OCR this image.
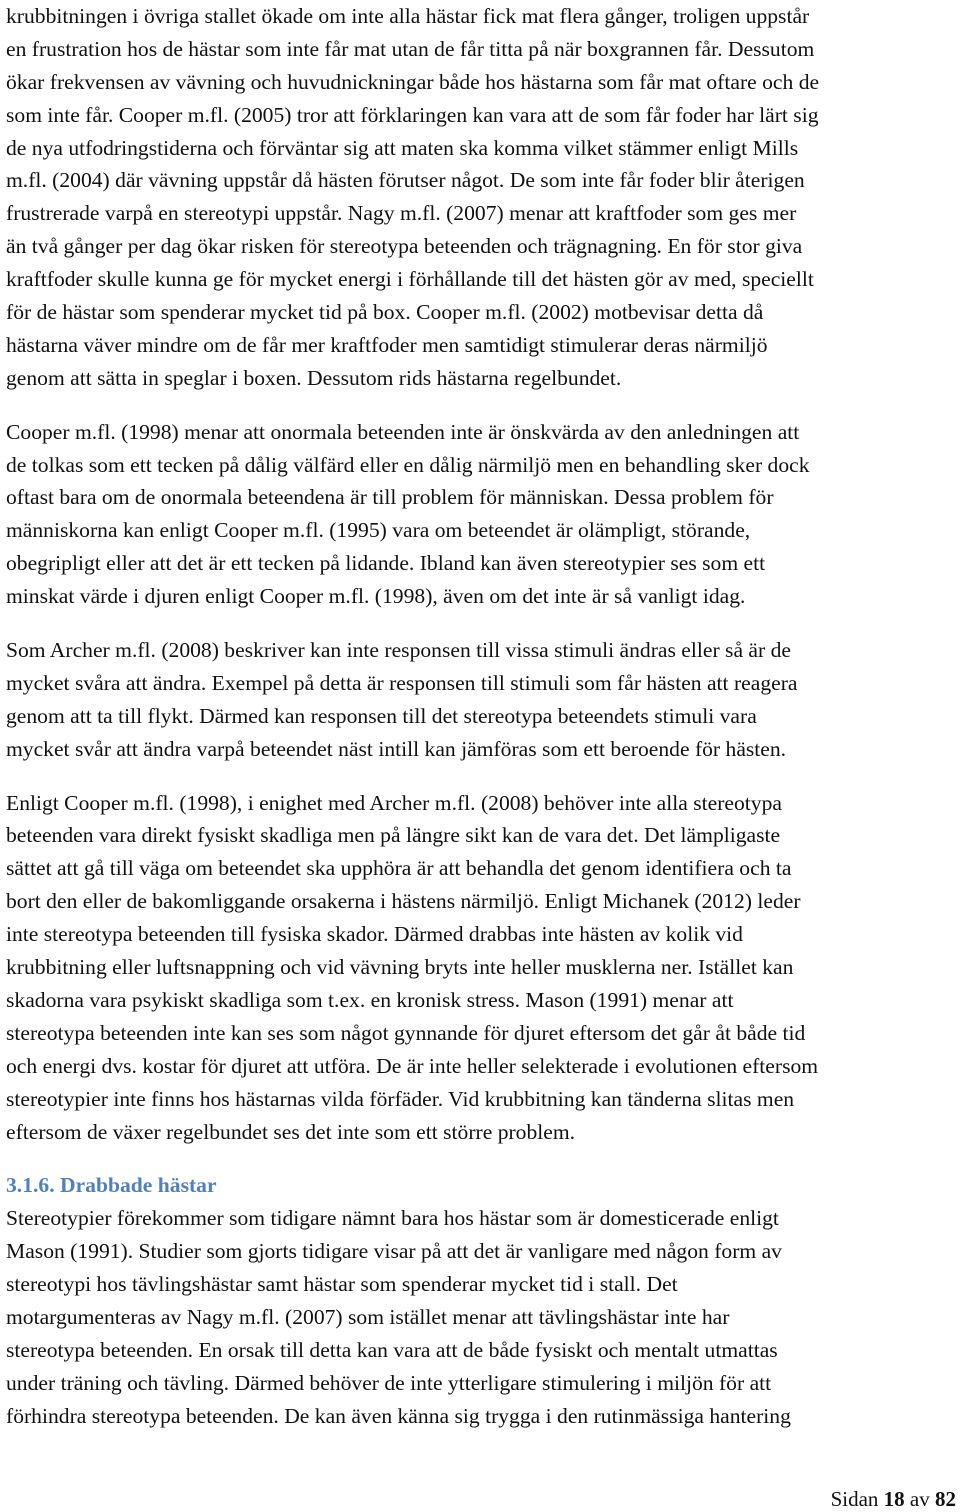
krubbitningen i övriga stallet ökade om inte alla hästar fick mat flera gånger, troligen uppstår
en frustration hos de hästar som inte får mat utan de får titta på när boxgrannen får. Dessutom
ökar frekvensen av vävning och huvudnickningar både hos hästarna som får mat oftare och de
som inte får. Cooper m.fl. (2005) tror att förklaringen kan vara att de som får foder har lärt sig
de nya utfodringstiderna och förväntar sig att maten ska komma vilket stämmer enligt Mills
m.fl. (2004) där vävning uppstår då hästen förutser något. De som inte får foder blir återigen
frustrerade varpå en stereotypi uppstår. Nagy m.fl. (2007) menar att kraftfoder som ges mer
än två gånger per dag ökar risken för stereotypa beteenden och trägnagning. En för stor giva
kraftfoder skulle kunna ge för mycket energi i förhållande till det hästen gör av med, speciellt
för de hästar som spenderar mycket tid på box. Cooper m.fl. (2002) motbevisar detta då
hästarna väver mindre om de får mer kraftfoder men samtidigt stimulerar deras närmiljö
genom att sätta in speglar i boxen. Dessutom rids hästarna regelbundet.
Cooper m.fl. (1998) menar att onormala beteenden inte är önskvärda av den anledningen att
de tolkas som ett tecken på dålig välfärd eller en dålig närmiljö men en behandling sker dock
oftast bara om de onormala beteendena är till problem för människan. Dessa problem för
människorna kan enligt Cooper m.fl. (1995) vara om beteendet är olämpligt, störande,
obegripligt eller att det är ett tecken på lidande. Ibland kan även stereotypier ses som ett
minskat värde i djuren enligt Cooper m.fl. (1998), även om det inte är så vanligt idag.
Som Archer m.fl. (2008) beskriver kan inte responsen till vissa stimuli ändras eller så är de
mycket svåra att ändra. Exempel på detta är responsen till stimuli som får hästen att reagera
genom att ta till flykt. Därmed kan responsen till det stereotypa beteendets stimuli vara
mycket svår att ändra varpå beteendet näst intill kan jämföras som ett beroende för hästen.
Enligt Cooper m.fl. (1998), i enighet med Archer m.fl. (2008) behöver inte alla stereotypa
beteenden vara direkt fysiskt skadliga men på längre sikt kan de vara det. Det lämpligaste
sättet att gå till väga om beteendet ska upphöra är att behandla det genom identifiera och ta
bort den eller de bakomliggande orsakerna i hästens närmiljö. Enligt Michanek (2012) leder
inte stereotypa beteenden till fysiska skador. Därmed drabbas inte hästen av kolik vid
krubbitning eller luftsnappning och vid vävning bryts inte heller musklerna ner. Istället kan
skadorna vara psykiskt skadliga som t.ex. en kronisk stress. Mason (1991) menar att
stereotypa beteenden inte kan ses som något gynnande för djuret eftersom det går åt både tid
och energi dvs. kostar för djuret att utföra. De är inte heller selekterade i evolutionen eftersom
stereotypier inte finns hos hästarnas vilda förfäder. Vid krubbitning kan tänderna slitas men
eftersom de växer regelbundet ses det inte som ett större problem.
3.1.6. Drabbade hästar
Stereotypier förekommer som tidigare nämnt bara hos hästar som är domesticerade enligt
Mason (1991). Studier som gjorts tidigare visar på att det är vanligare med någon form av
stereotypi hos tävlingshästar samt hästar som spenderar mycket tid i stall. Det
motargumenteras av Nagy m.fl. (2007) som istället menar att tävlingshästar inte har
stereotypa beteenden. En orsak till detta kan vara att de både fysiskt och mentalt utmattas
under träning och tävling. Därmed behöver de inte ytterligare stimulering i miljön för att
förhindra stereotypa beteenden. De kan även känna sig trygga i den rutinmässiga hantering
Sidan 18 av 82
